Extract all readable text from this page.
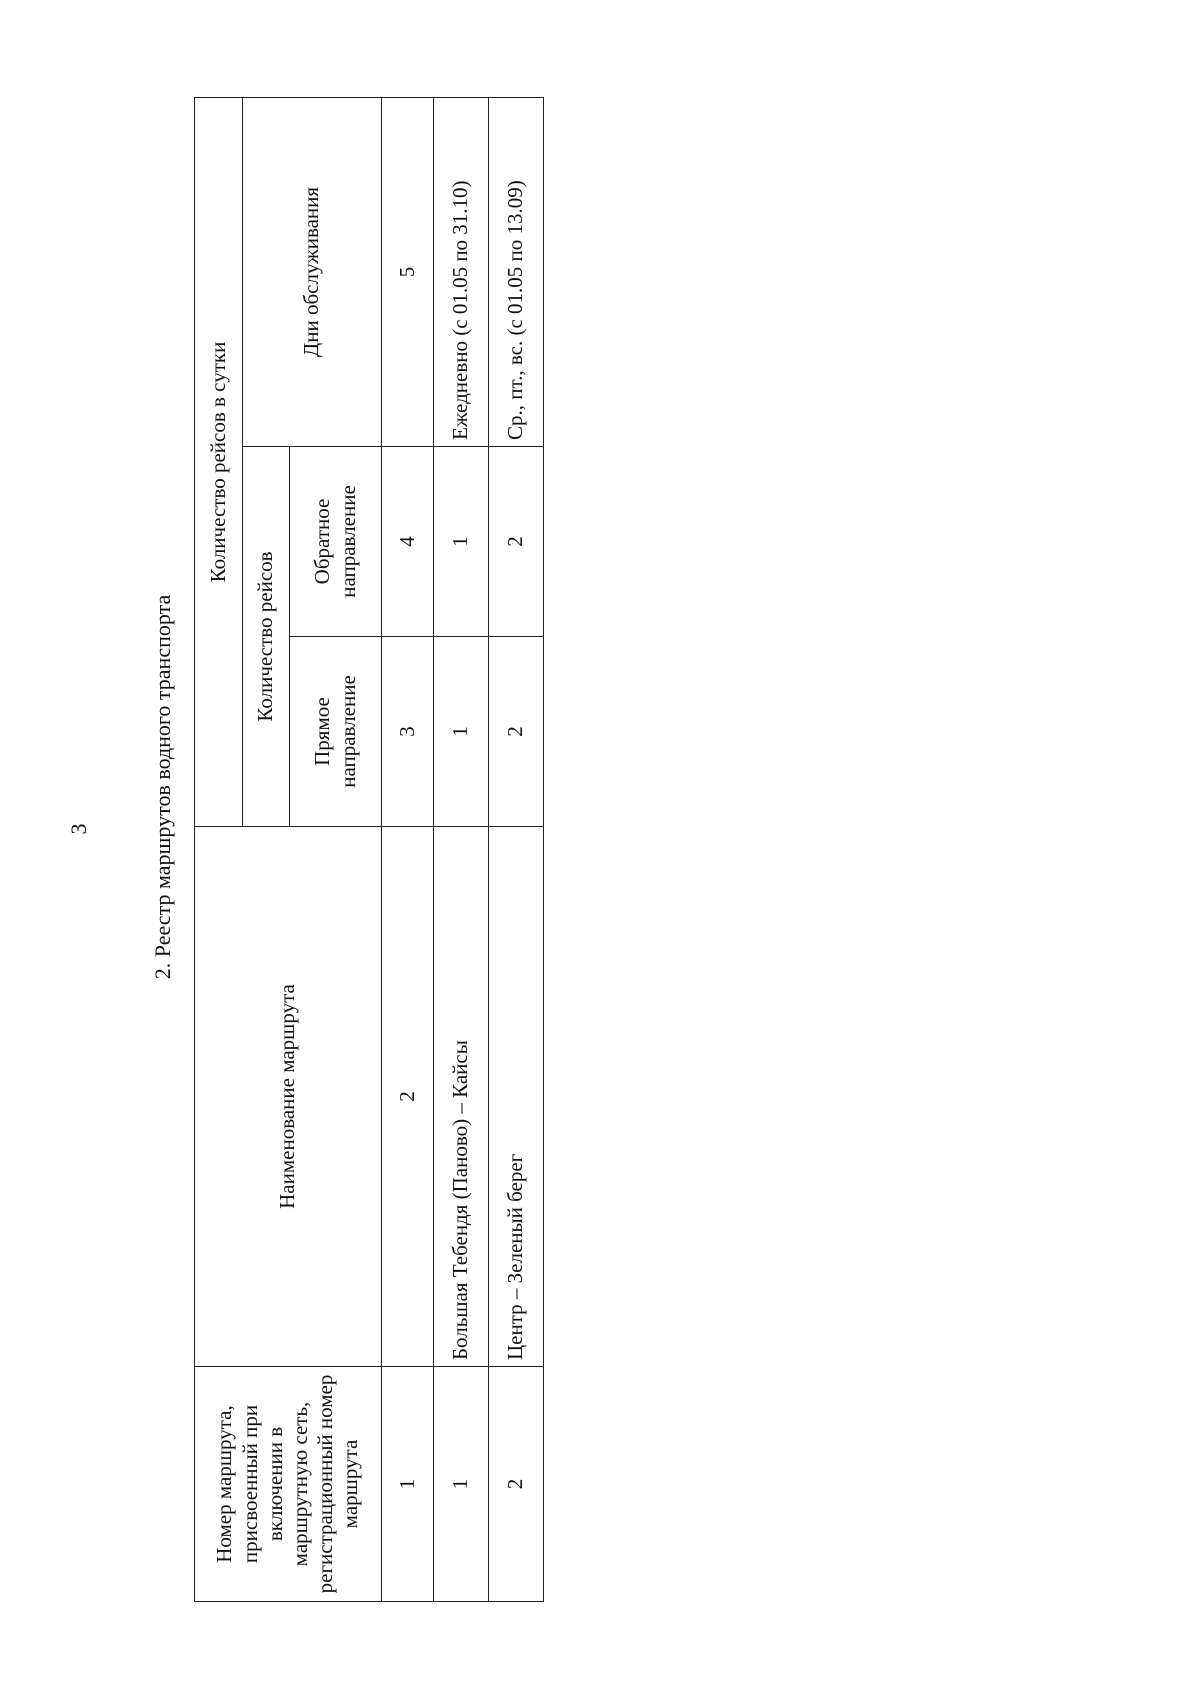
3	2. Реестр маршрутов водного транспорта
Номер маршрута, присвоенный при включении в маршрутную сеть, регистрационный номер маршрута	Наименование маршрута	Количество рейсов в сутки		
		Количество рейсов		Дни обслуживания
		Прямое направление	Обратное направление	
1	2	3	4	5
1	Большая Тебендя (Паново) – Кайсы	1	1	Ежедневно (с 01.05 по 31.10)
2	Центр – Зеленый берег	2	2	Ср., пт., вс. (с 01.05 по 13.09)
